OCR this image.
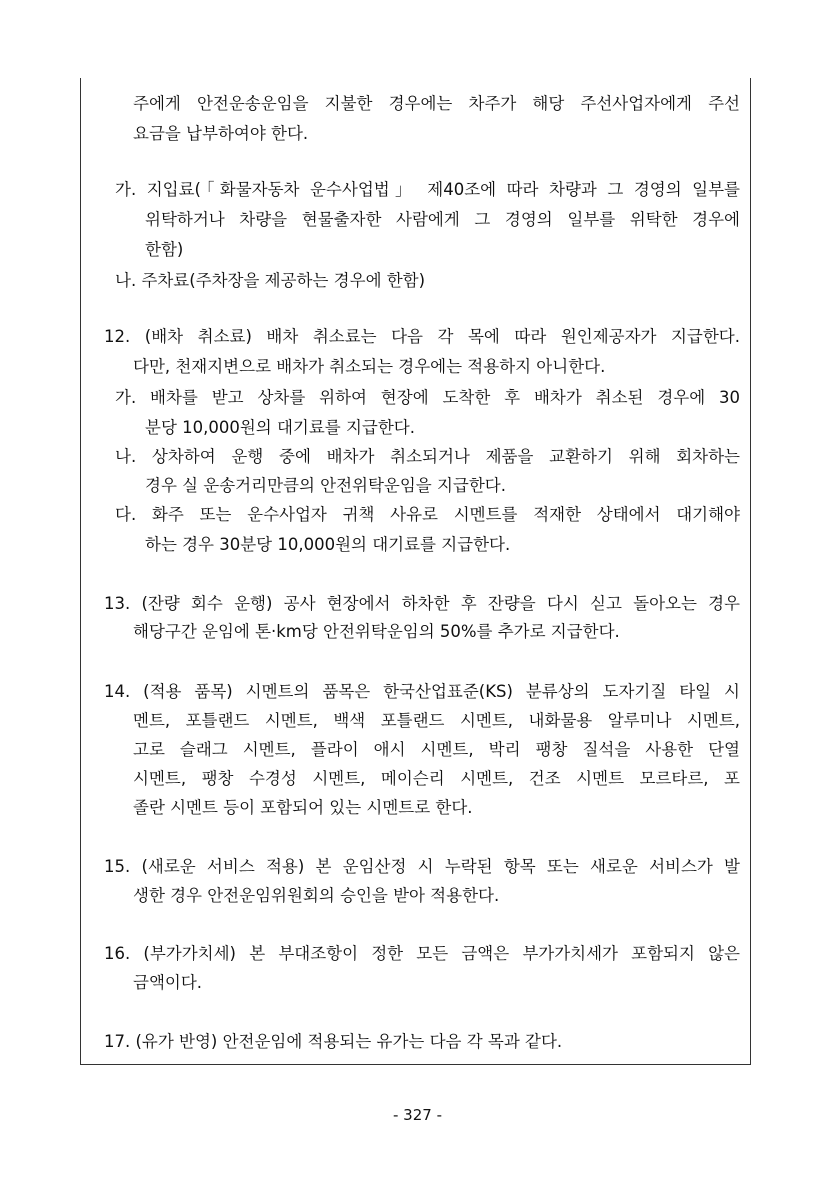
주에게 안전운송운임을 지불한 경우에는 차주가 해당 주선사업자에게 주선
요금을 납부하여야 한다.
가. 지입료(「화물자동차 운수사업법」 제40조에 따라 차량과 그 경영의 일부를
위탁하거나 차량을 현물출자한 사람에게 그 경영의 일부를 위탁한 경우에
한함)
나. 주차료(주차장을 제공하는 경우에 한함)
12. (배차 취소료) 배차 취소료는 다음 각 목에 따라 원인제공자가 지급한다.
다만, 천재지변으로 배차가 취소되는 경우에는 적용하지 아니한다.
가. 배차를 받고 상차를 위하여 현장에 도착한 후 배차가 취소된 경우에 30
분당 10,000원의 대기료를 지급한다.
나. 상차하여 운행 중에 배차가 취소되거나 제품을 교환하기 위해 회차하는
경우 실 운송거리만큼의 안전위탁운임을 지급한다.
다. 화주 또는 운수사업자 귀책 사유로 시멘트를 적재한 상태에서 대기해야
하는 경우 30분당 10,000원의 대기료를 지급한다.
13. (잔량 회수 운행) 공사 현장에서 하차한 후 잔량을 다시 싣고 돌아오는 경우
해당구간 운임에 톤·km당 안전위탁운임의 50%를 추가로 지급한다.
14. (적용 품목) 시멘트의 품목은 한국산업표준(KS) 분류상의 도자기질 타일 시
멘트, 포틀랜드 시멘트, 백색 포틀랜드 시멘트, 내화물용 알루미나 시멘트,
고로 슬래그 시멘트, 플라이 애시 시멘트, 박리 팽창 질석을 사용한 단열
시멘트, 팽창 수경성 시멘트, 메이슨리 시멘트, 건조 시멘트 모르타르, 포
졸란 시멘트 등이 포함되어 있는 시멘트로 한다.
15. (새로운 서비스 적용) 본 운임산정 시 누락된 항목 또는 새로운 서비스가 발
생한 경우 안전운임위원회의 승인을 받아 적용한다.
16. (부가가치세) 본 부대조항이 정한 모든 금액은 부가가치세가 포함되지 않은
금액이다.
17. (유가 반영) 안전운임에 적용되는 유가는 다음 각 목과 같다.
- 327 -
